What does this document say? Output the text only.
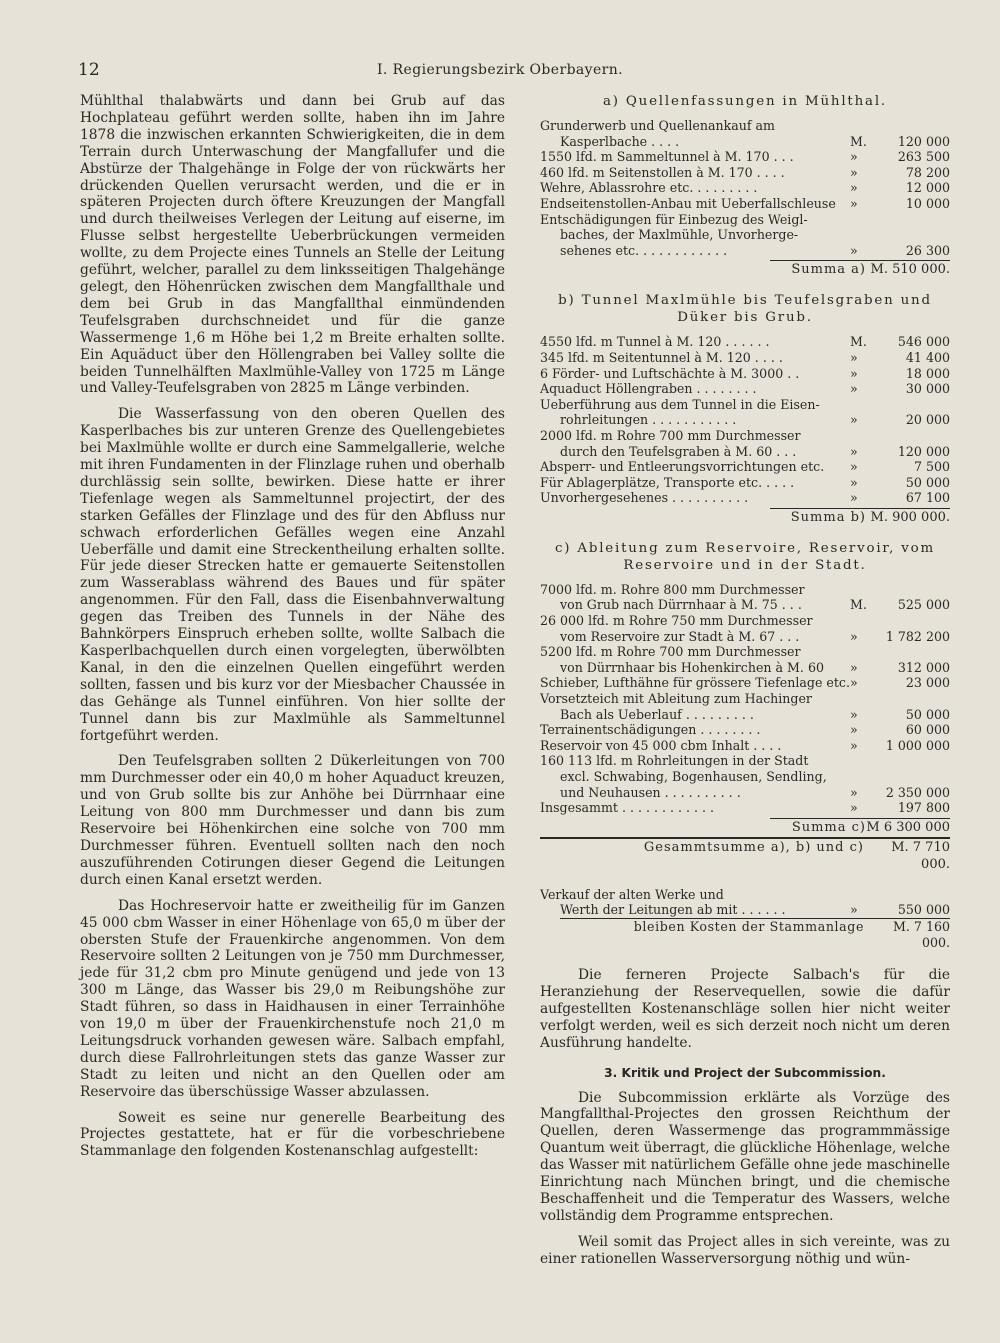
12	I. Regierungsbezirk Oberbayern.

Mühlthal thalabwärts und dann bei Grub auf das Hochplateau geführt werden sollte, haben ihn im Jahre 1878 die inzwischen erkannten Schwierigkeiten, die in dem Terrain durch Unterwaschung der Mangfallufer und die Abstürze der Thalgehänge in Folge der von rückwärts her drückenden Quellen verursacht werden, und die er in späteren Projecten durch öftere Kreuzungen der Mangfall und durch theilweises Verlegen der Leitung auf eiserne, im Flusse selbst hergestellte Ueberbrückungen vermeiden wollte, zu dem Projecte eines Tunnels an Stelle der Leitung geführt, welcher, parallel zu dem linksseitigen Thalgehänge gelegt, den Höhenrücken zwischen dem Mangfallthale und dem bei Grub in das Mangfallthal einmündenden Teufelsgraben durchschneidet und für die ganze Wassermenge 1,6 m Höhe bei 1,2 m Breite erhalten sollte. Ein Aquäduct über den Höllengraben bei Valley sollte die beiden Tunnelhälften Maxlmühle-Valley von 1725 m Länge und Valley-Teufelsgraben von 2825 m Länge verbinden.

Die Wasserfassung von den oberen Quellen des Kasperlbaches bis zur unteren Grenze des Quellengebietes bei Maxlmühle wollte er durch eine Sammelgallerie, welche mit ihren Fundamenten in der Flinzlage ruhen und oberhalb durchlässig sein sollte, bewirken. Diese hatte er ihrer Tiefenlage wegen als Sammeltunnel projectirt, der des starken Gefälles der Flinzlage und des für den Abfluss nur schwach erforderlichen Gefälles wegen eine Anzahl Ueberfälle und damit eine Streckentheilung erhalten sollte. Für jede dieser Strecken hatte er gemauerte Seitenstollen zum Wasserablass während des Baues und für später angenommen. Für den Fall, dass die Eisenbahnverwaltung gegen das Treiben des Tunnels in der Nähe des Bahnkörpers Einspruch erheben sollte, wollte Salbach die Kasperlbachquellen durch einen vorgelegten, überwölbten Kanal, in den die einzelnen Quellen eingeführt werden sollten, fassen und bis kurz vor der Miesbacher Chaussée in das Gehänge als Tunnel einführen. Von hier sollte der Tunnel dann bis zur Maxlmühle als Sammeltunnel fortgeführt werden.

Den Teufelsgraben sollten 2 Dükerleitungen von 700 mm Durchmesser oder ein 40,0 m hoher Aquaduct kreuzen, und von Grub sollte bis zur Anhöhe bei Dürrnhaar eine Leitung von 800 mm Durchmesser und dann bis zum Reservoire bei Höhenkirchen eine solche von 700 mm Durchmesser führen. Eventuell sollten nach den noch auszuführenden Cotirungen dieser Gegend die Leitungen durch einen Kanal ersetzt werden.

Das Hochreservoir hatte er zweitheilig für im Ganzen 45 000 cbm Wasser in einer Höhenlage von 65,0 m über der obersten Stufe der Frauenkirche angenommen. Von dem Reservoire sollten 2 Leitungen von je 750 mm Durchmesser, jede für 31,2 cbm pro Minute genügend und jede von 13 300 m Länge, das Wasser bis 29,0 m Reibungshöhe zur Stadt führen, so dass in Haidhausen in einer Terrainhöhe von 19,0 m über der Frauenkirchenstufe noch 21,0 m Leitungsdruck vorhanden gewesen wäre. Salbach empfahl, durch diese Fallrohrleitungen stets das ganze Wasser zur Stadt zu leiten und nicht an den Quellen oder am Reservoire das überschüssige Wasser abzulassen.

Soweit es seine nur generelle Bearbeitung des Projectes gestattete, hat er für die vorbeschriebene Stammanlage den folgenden Kostenanschlag aufgestellt:

a) Quellenfassungen in Mühlthal.
Grunderwerb und Quellenankauf am
Kasperlbache . . . .	M.	120 000
1550 lfd. m Sammeltunnel à M. 170 . . .	»	263 500
460 lfd. m Seitenstollen à M. 170 . . . .	»	78 200
Wehre, Ablassrohre etc. . . . . . . . .	»	12 000
Endseitenstollen-Anbau mit Ueberfallschleuse	»	10 000
Entschädigungen für Einbezug des Weigl-
baches, der Maxlmühle, Unvorherge-
sehenes etc. . . . . . . . . . . .	»	26 300
Summa a) M. 510 000.
b) Tunnel Maxlmühle bis Teufelsgraben und Düker bis Grub.
4550 lfd. m Tunnel à M. 120 . . . . . .	M.	546 000
345 lfd. m Seitentunnel à M. 120 . . . .	»	41 400
6 Förder- und Luftschächte à M. 3000 . .	»	18 000
Aquaduct Höllengraben . . . . . . . .	»	30 000
Ueberführung aus dem Tunnel in die Eisen-
rohrleitungen . . . . . . . . . . .	»	20 000
2000 lfd. m Rohre 700 mm Durchmesser
durch den Teufelsgraben à M. 60 . . .	»	120 000
Absperr- und Entleerungsvorrichtungen etc.	»	7 500
Für Ablagerplätze, Transporte etc. . . . .	»	50 000
Unvorhergesehenes . . . . . . . . . .	»	67 100
Summa b) M. 900 000.
c) Ableitung zum Reservoire, Reservoir, vom Reservoire und in der Stadt.
7000 lfd. m. Rohre 800 mm Durchmesser
von Grub nach Dürrnhaar à M. 75 . . .	M.	525 000
26 000 lfd. m Rohre 750 mm Durchmesser
vom Reservoire zur Stadt à M. 67 . . .	»	1 782 200
5200 lfd. m Rohre 700 mm Durchmesser
von Dürrnhaar bis Hohenkirchen à M. 60	»	312 000
Schieber, Lufthähne für grössere Tiefenlage etc. »	23 000
Vorsetzteich mit Ableitung zum Hachinger
Bach als Ueberlauf . . . . . . . . .	»	50 000
Terrainentschädigungen . . . . . . . .	»	60 000
Reservoir von 45 000 cbm Inhalt . . . .	»	1 000 000
160 113 lfd. m Rohrleitungen in der Stadt
excl. Schwabing, Bogenhausen, Sendling,
und Neuhausen . . . . . . . . . .	»	2 350 000
Insgesammt . . . . . . . . . . . .	»	197 800
Summa c) M 6 300 000
Gesammtsumme a), b) und c)	M. 7 710 000.
Verkauf der alten Werke und
Werth der Leitungen ab mit . . . . . .	»	550 000
bleiben Kosten der Stammanlage	M. 7 160 000.

Die ferneren Projecte Salbach's für die Heranziehung der Reservequellen, sowie die dafür aufgestellten Kostenanschläge sollen hier nicht weiter verfolgt werden, weil es sich derzeit noch nicht um deren Ausführung handelte.

3. Kritik und Project der Subcommission.

Die Subcommission erklärte als Vorzüge des Mangfallthal-Projectes den grossen Reichthum der Quellen, deren Wassermenge das programmmässige Quantum weit überragt, die glückliche Höhenlage, welche das Wasser mit natürlichem Gefälle ohne jede maschinelle Einrichtung nach München bringt, und die chemische Beschaffenheit und die Temperatur des Wassers, welche vollständig dem Programme entsprechen.

Weil somit das Project alles in sich vereinte, was zu einer rationellen Wasserversorgung nöthig und wün-
